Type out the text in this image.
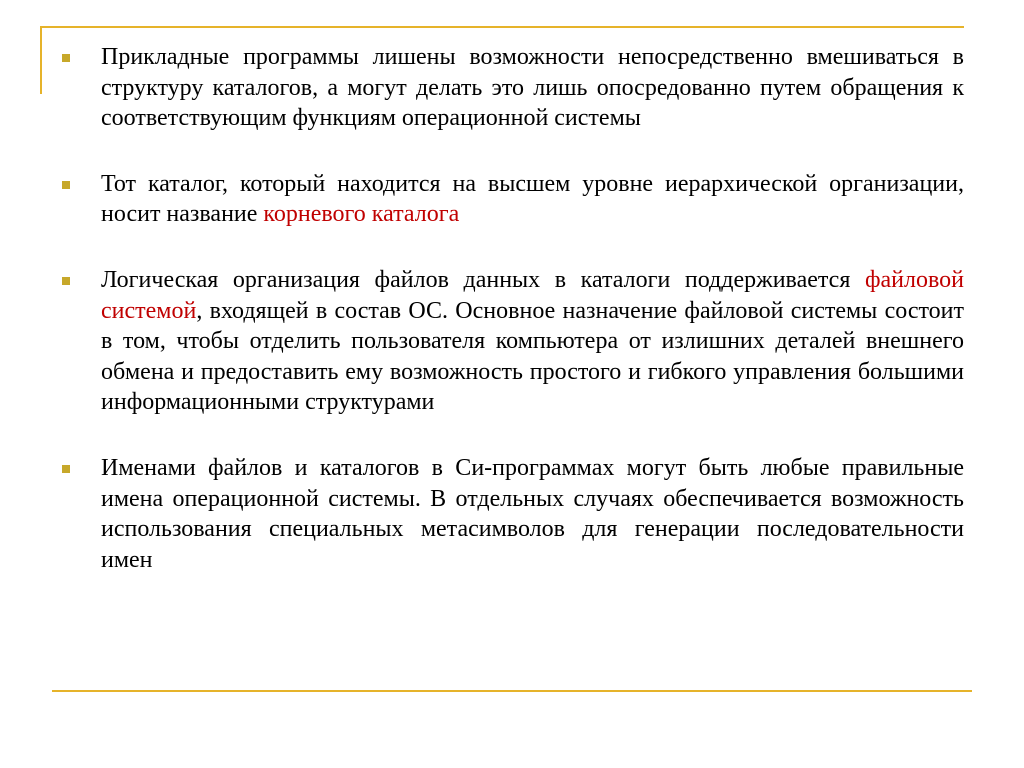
Прикладные программы лишены возможности непосредственно вмешиваться в структуру каталогов, а могут делать это лишь опосредованно путем обращения к соответствующим функциям операционной системы
Тот каталог, который находится на высшем уровне иерархической организации, носит название корневого каталога
Логическая организация файлов данных в каталоги поддерживается файловой системой, входящей в состав ОС. Основное назначение файловой системы состоит в том, чтобы отделить пользователя компьютера от излишних деталей внешнего обмена и предоставить ему возможность простого и гибкого управления большими информационными структурами
Именами файлов и каталогов в Си-программах могут быть любые правильные имена операционной системы. В отдельных случаях обеспечивается возможность использования специальных метасимволов для генерации последовательности имен
